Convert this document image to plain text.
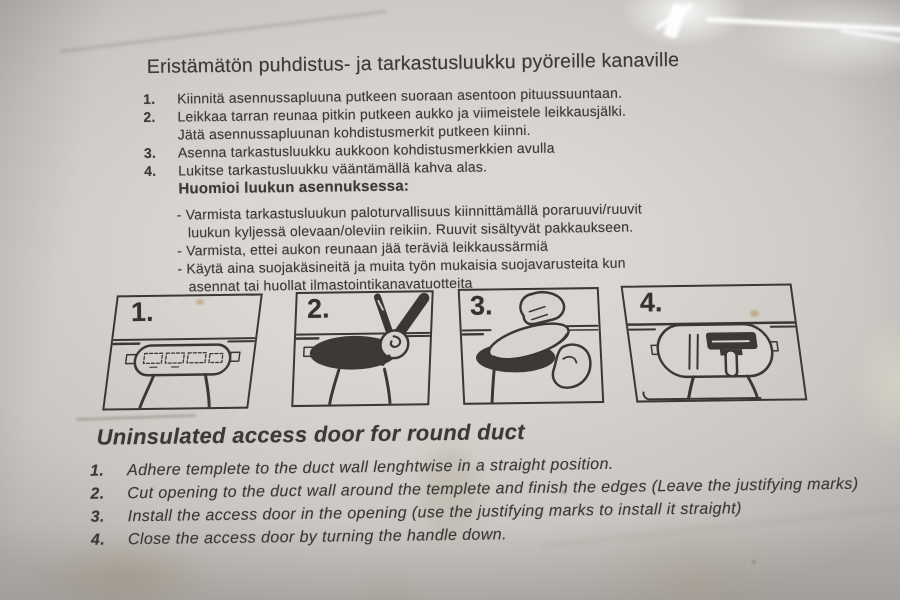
Eristämätön puhdistus- ja tarkastusluukku pyöreille kanaville
1.	Kiinnitä asennussapluuna putkeen suoraan asentoon pituussuuntaan.
2.	Leikkaa tarran reunaa pitkin putkeen aukko ja viimeistele leikkausjälki.
Jätä asennussapluunan kohdistusmerkit putkeen kiinni.
3.	Asenna tarkastusluukku aukkoon kohdistusmerkkien avulla
4.	Lukitse tarkastusluukku vääntämällä kahva alas.
Huomioi luukun asennuksessa:
- Varmista tarkastusluukun paloturvallisuus kiinnittämällä poraruuvi/ruuvit
luukun kyljessä olevaan/oleviin reikiin. Ruuvit sisältyvät pakkaukseen.
- Varmista, ettei aukon reunaan jää teräviä leikkaussärmiä
- Käytä aina suojakäsineitä ja muita työn mukaisia suojavarusteita kun
asennat tai huollat ilmastointikanavatuotteita
1.	2.	3.	4.
Uninsulated access door for round duct
1.	Adhere templete to the duct wall lenghtwise in a straight position.
2.	Cut opening to the duct wall around the templete and finish the edges (Leave the justifying marks)
3.	Install the access door in the opening (use the justifying marks to install it straight)
4.	Close the access door by turning the handle down.
